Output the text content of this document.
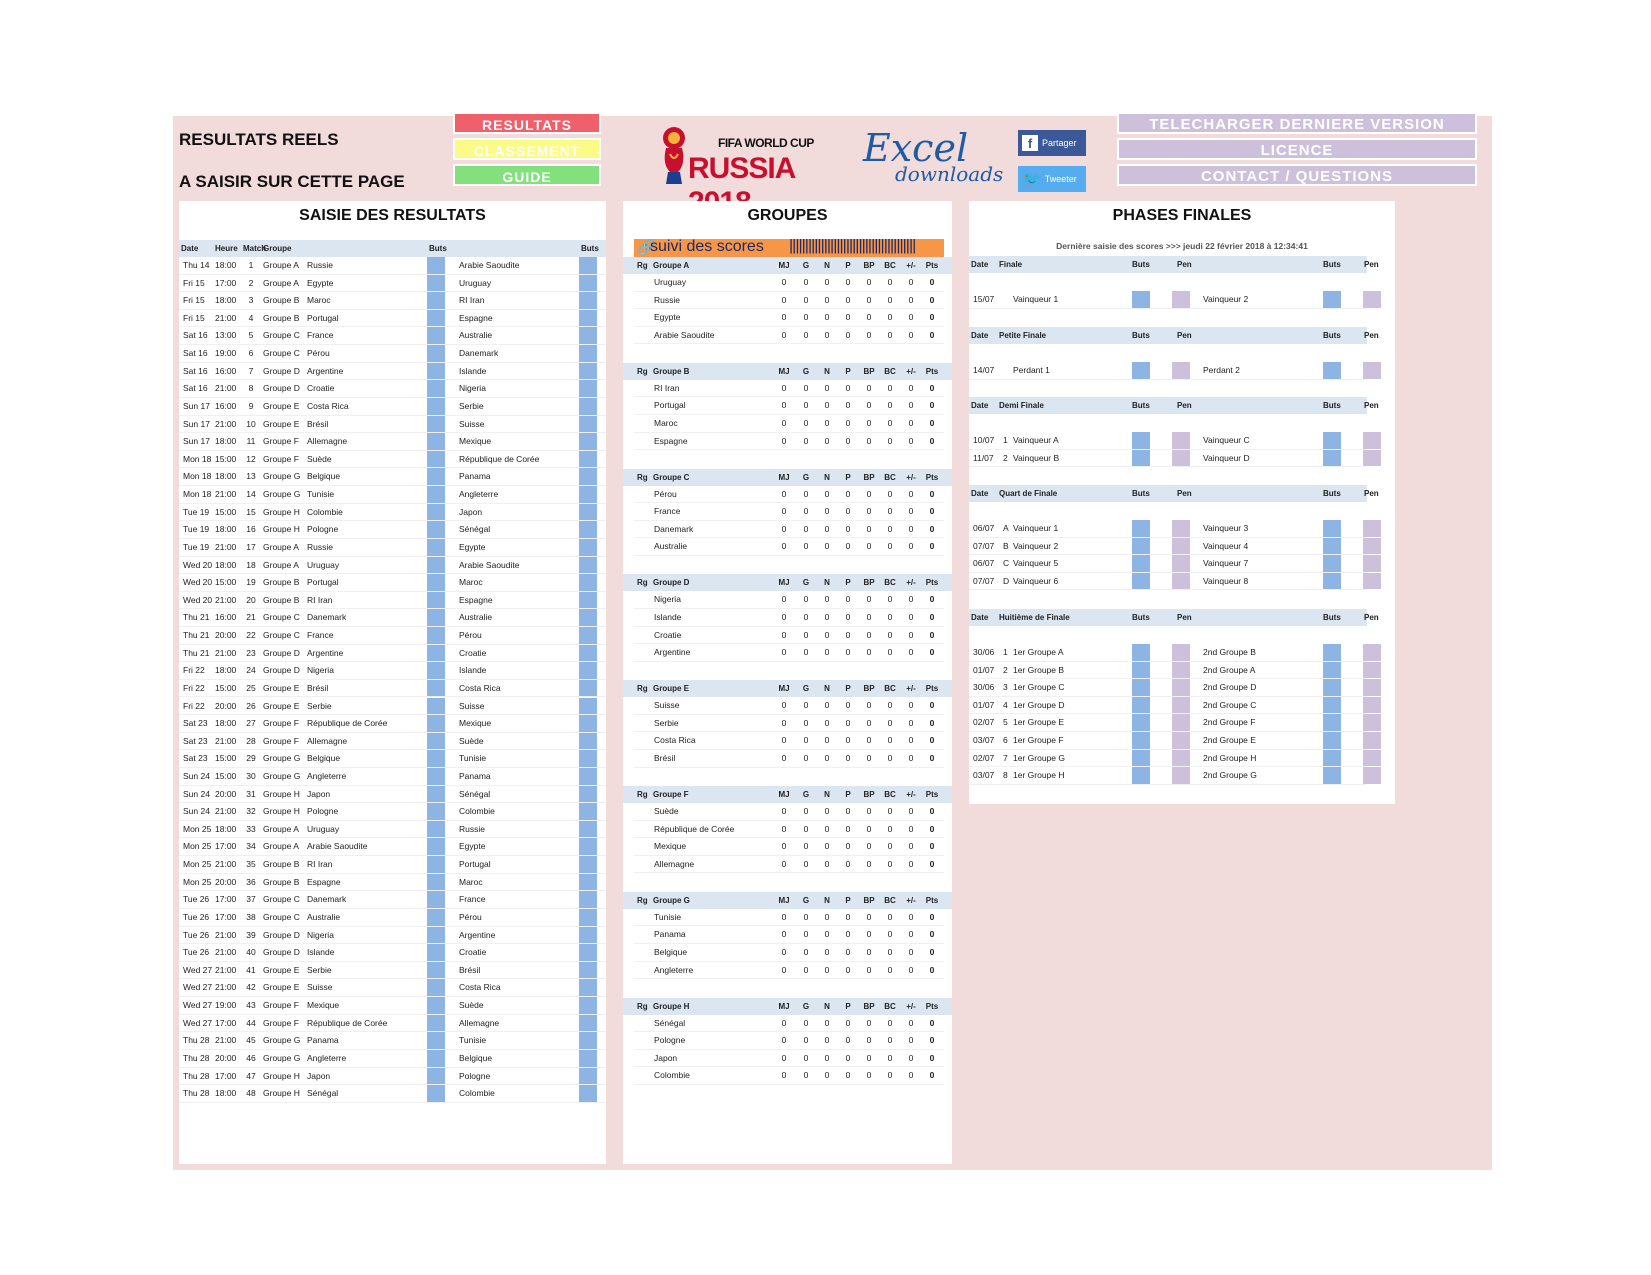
RESULTATS REELS
A SAISIR SUR CETTE PAGE
RESULTATS
CLASSEMENT
GUIDE
FIFA WORLD CUP
RUSSIA	Excel
downloads
f	Partager
🐦 Tweeter
TELECHARGER DERNIERE VERSION
LICENCE
CONTACT / QUESTIONS
SAISIE DES RESULTATS
Date Heure Match
Groupe	Buts	Buts
Thu 14 18:00	1	Groupe A Russie	Arabie Saoudite
Fri 15 17:00	2	Groupe A Egypte	Uruguay
Fri 15 18:00	3	Groupe B Maroc	RI Iran
Fri 15 21:00	4	Groupe B Portugal	Espagne
Sat 16 13:00	5	Groupe C France	Australie
Sat 16 19:00	6	Groupe C Pérou	Danemark
Sat 16 16:00	7	Groupe D Argentine	Islande
Sat 16 21:00	8	Groupe D Croatie	Nigeria
Sun 17 16:00	9	Groupe E Costa Rica	Serbie
Sun 17 21:00 10 Groupe E Brésil	Suisse
Sun 17 18:00	11 Groupe F Allemagne	Mexique
Mon 18 15:00 12 Groupe F Suède	République de Corée
Mon 18 18:00 13 Groupe G Belgique	Panama
Mon 18 21:00 14 Groupe G Tunisie	Angleterre
Tue 19 15:00 15 Groupe H Colombie	Japon
Tue 19 18:00 16 Groupe H Pologne	Sénégal
Tue 19 21:00 17 Groupe A Russie	Egypte
Wed 20 18:00 18 Groupe A Uruguay	Arabie Saoudite
Wed 20 15:00 19 Groupe B Portugal	Maroc
Wed 20 21:00 20 Groupe B RI Iran	Espagne
Thu 21 16:00 21 Groupe C Danemark	Australie
Thu 21 20:00 22 Groupe C France	Pérou
Thu 21 21:00 23 Groupe D Argentine	Croatie
Fri 22 18:00 24 Groupe D Nigeria	Islande
Fri 22 15:00 25 Groupe E Brésil	Costa Rica
Fri 22 20:00 26 Groupe E Serbie	Suisse
Sat 23 18:00 27 Groupe F République de Corée	Mexique
Sat 23 21:00 28 Groupe F Allemagne	Suède
Sat 23 15:00 29 Groupe G Belgique	Tunisie
Sun 24 15:00 30 Groupe G Angleterre	Panama
Sun 24 20:00 31 Groupe H Japon	Sénégal
Sun 24 21:00 32 Groupe H Pologne	Colombie
Mon 25 18:00 33 Groupe A Uruguay	Russie
Mon 25 17:00 34 Groupe A Arabie Saoudite	Egypte
Mon 25 21:00 35 Groupe B RI Iran	Portugal
Mon 25 20:00 36 Groupe B Espagne	Maroc
Tue 26 17:00 37 Groupe C Danemark	France
Tue 26 17:00 38 Groupe C Australie	Pérou
Tue 26 21:00 39 Groupe D Nigeria	Argentine
Tue 26 21:00 40 Groupe D Islande	Croatie
Wed 27 21:00 41 Groupe E Serbie	Brésil
Wed 27 21:00 42 Groupe E Suisse	Costa Rica
Wed 27 19:00 43 Groupe F Mexique	Suède
Wed 27 17:00 44 Groupe F République de Corée	Allemagne
Thu 28 21:00 45 Groupe G Panama	Tunisie
Thu 28 20:00 46 Groupe G Angleterre	Belgique
Thu 28 17:00 47 Groupe H Japon	Pologne
Thu 28 18:00 48 Groupe H Sénégal	Colombie
GROUPES
🔗
suivi des scores ||||||||||||||||||||||||||||||||||||||||
Rg Groupe A	MJ	G	N	P	BP BC +/- Pts
Uruguay	0	0	0	0	0	0	0	0
Russie	0	0	0	0	0	0	0	0
Egypte	0	0	0	0	0	0	0	0
Arabie Saoudite	0	0	0	0	0	0	0	0
Rg Groupe B	MJ	G	N	P	BP BC +/- Pts
RI Iran	0	0	0	0	0	0	0	0
Portugal	0	0	0	0	0	0	0	0
Maroc	0	0	0	0	0	0	0	0
Espagne	0	0	0	0	0	0	0	0
Rg Groupe C	MJ	G	N	P	BP BC +/- Pts
Pérou	0	0	0	0	0	0	0	0
France	0	0	0	0	0	0	0	0
Danemark	0	0	0	0	0	0	0	0
Australie	0	0	0	0	0	0	0	0
Rg Groupe D	MJ	G	N	P	BP BC +/- Pts
Nigeria	0	0	0	0	0	0	0	0
Islande	0	0	0	0	0	0	0	0
Croatie	0	0	0	0	0	0	0	0
Argentine	0	0	0	0	0	0	0	0
Rg Groupe E	MJ	G	N	P	BP BC +/- Pts
Suisse	0	0	0	0	0	0	0	0
Serbie	0	0	0	0	0	0	0	0
Costa Rica	0	0	0	0	0	0	0	0
Brésil	0	0	0	0	0	0	0	0
Rg Groupe F	MJ	G	N	P	BP BC +/- Pts
Suède	0	0	0	0	0	0	0	0
République de Corée	0	0	0	0	0	0	0	0
Mexique	0	0	0	0	0	0	0	0
Allemagne	0	0	0	0	0	0	0	0
Rg Groupe G	MJ	G	N	P	BP BC +/- Pts
Tunisie	0	0	0	0	0	0	0	0
Panama	0	0	0	0	0	0	0	0
Belgique	0	0	0	0	0	0	0	0
Angleterre	0	0	0	0	0	0	0	0
Rg Groupe H	MJ	G	N	P	BP BC +/- Pts
Sénégal	0	0	0	0	0	0	0	0
Pologne	0	0	0	0	0	0	0	0
Japon	0	0	0	0	0	0	0	0
Colombie	0	0	0	0	0	0	0	0
PHASES FINALES
Dernière saisie des scores >>> jeudi 22 février 2018 à 12:34:41
Date Finale	Buts	Pen	Buts	Pen
15/07 Vainqueur 1	Vainqueur 2
Date Petite Finale	Buts	Pen	Buts	Pen
14/07 Perdant 1	Perdant 2
Date Demi Finale	Buts	Pen	Buts	Pen
10/07 1 Vainqueur A	Vainqueur C
11/07 2 Vainqueur B	Vainqueur D
Date Quart de Finale	Buts	Pen	Buts	Pen
06/07 A Vainqueur 1	Vainqueur 3
07/07 B Vainqueur 2	Vainqueur 4
06/07 C Vainqueur 5	Vainqueur 7
07/07 D Vainqueur 6	Vainqueur 8
Date Huitième de Finale	Buts	Pen	Buts	Pen
30/06 1 1er Groupe A	2nd Groupe B
01/07 2 1er Groupe B	2nd Groupe A
30/06 3 1er Groupe C	2nd Groupe D
01/07 4 1er Groupe D	2nd Groupe C
02/07 5 1er Groupe E	2nd Groupe F
03/07 6 1er Groupe F	2nd Groupe E
02/07 7 1er Groupe G	2nd Groupe H
03/07 8 1er Groupe H	2nd Groupe G
